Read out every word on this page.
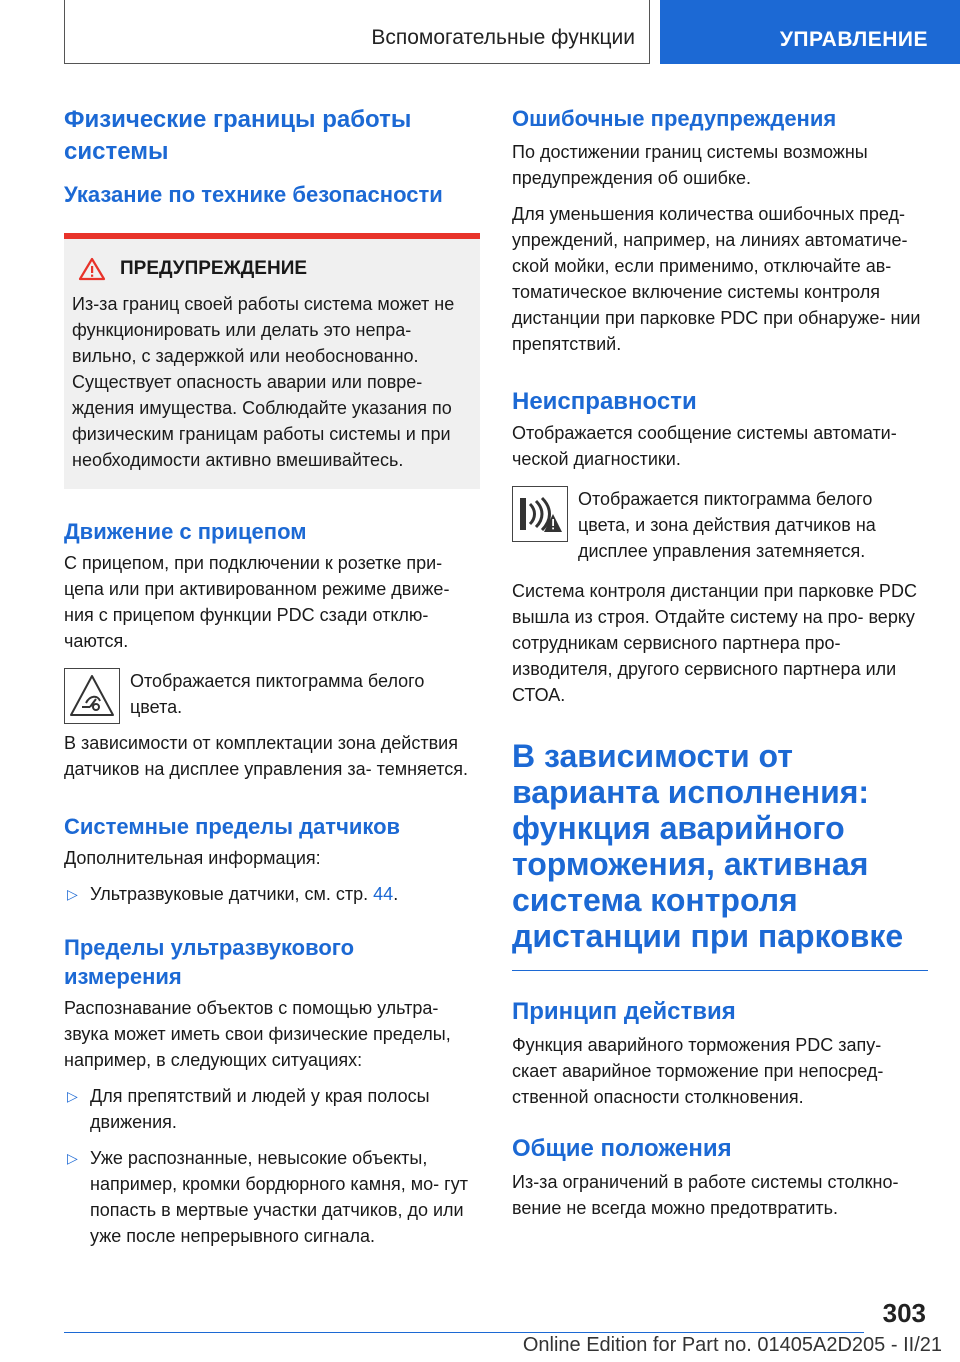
Вспомогательные функции	УПРАВЛЕНИЕ
Физические границы работы системы
Указание по технике безопасности
ПРЕДУПРЕЖДЕНИЕ

Из-за границ своей работы система может не функционировать или делать это непра- вильно, с задержкой или необоснованно. Существует опасность аварии или повре- ждения имущества. Соблюдайте указания по физическим границам работы системы и при необходимости активно вмешивайтесь.

Движение с прицепом

С прицепом, при подключении к розетке при- цепа или при активированном режиме движе- ния с прицепом функции PDC сзади отклю- чаются.

Отображается пиктограмма белого цвета.

В зависимости от комплектации зона действия датчиков на дисплее управления за- темняется.

Системные пределы датчиков

Дополнительная информация:

▷ Ультразвуковые датчики, см. стр. 44.
Пределы ультразвукового измерения

Распознавание объектов с помощью ультра- звука может иметь свои физические пределы, например, в следующих ситуациях:

▷ Для препятствий и людей у края полосы движения.
▷ Уже распознанные, невысокие объекты, например, кромки бордюрного камня, мо- гут попасть в мертвые участки датчиков, до или уже после непрерывного сигнала.
Ошибочные предупреждения

По достижении границ системы возможны предупреждения об ошибке.

Для уменьшения количества ошибочных пред- упреждений, например, на линиях автоматиче- ской мойки, если применимо, отключайте ав- томатическое включение системы контроля дистанции при парковке PDC при обнаруже- нии препятствий.

Неисправности

Отображается сообщение системы автомати- ческой диагностики.

Отображается пиктограмма белого цвета, и зона действия датчиков на дисплее управления затемняется.

Система контроля дистанции при парковке PDC вышла из строя. Отдайте систему на про- верку сотрудникам сервисного партнера про- изводителя, другого сервисного партнера или СТОА.

В зависимости от варианта исполнения: функция аварийного торможения, активная система контроля дистанции при парковке
Принцип действия

Функция аварийного торможения PDC запу- скает аварийное торможение при непосред- ственной опасности столкновения.

Общие положения

Из-за ограничений в работе системы столкно- вение не всегда можно предотвратить.

303
Online Edition for Part no. 01405A2D205 - II/21
